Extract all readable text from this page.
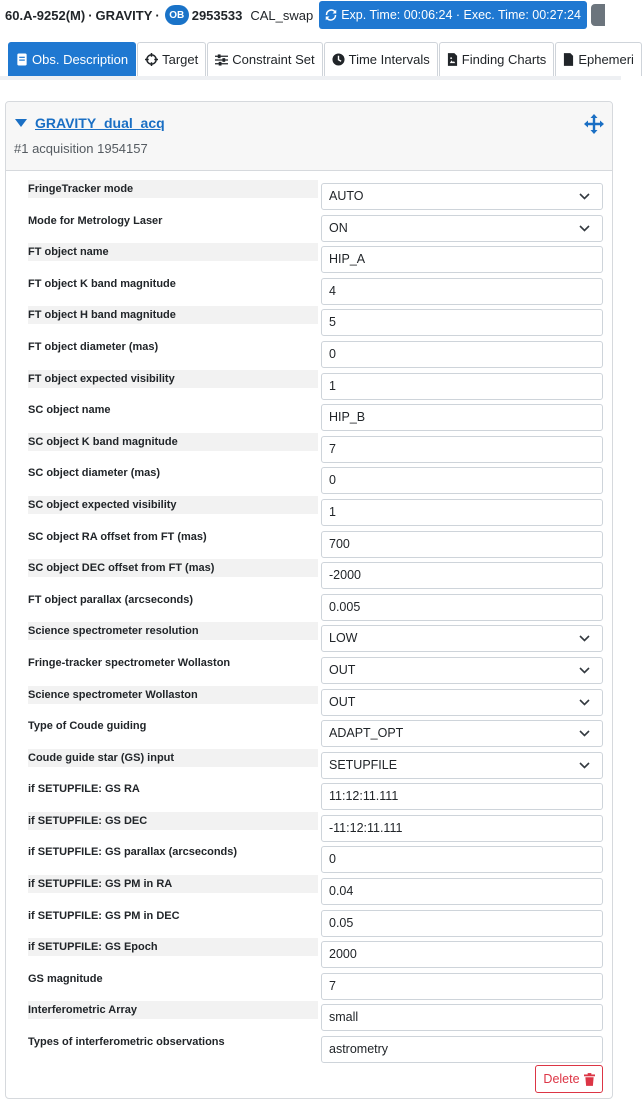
60.A-9252(M) · GRAVITY · OB 2953533 CAL_swap Exp. Time: 00:06:24 · Exec. Time: 00:27:24
Obs. Description	Target	Constraint Set	Time Intervals Finding Charts Ephemeri
GRAVITY_dual_acq
#1 acquisition 1954157
FringeTracker mode	AUTO
Mode for Metrology Laser	ON
FT object name	HIP_A
FT object K band magnitude	4
FT object H band magnitude	5
FT object diameter (mas)	0
FT object expected visibility	1
SC object name	HIP_B
SC object K band magnitude	7
SC object diameter (mas)	0
SC object expected visibility	1
SC object RA offset from FT (mas)	700
SC object DEC offset from FT (mas)	-2000
FT object parallax (arcseconds)	0.005
Science spectrometer resolution	LOW
Fringe-tracker spectrometer Wollaston	OUT
Science spectrometer Wollaston	OUT
Type of Coude guiding	ADAPT_OPT
Coude guide star (GS) input	SETUPFILE
if SETUPFILE: GS RA	11:12:11.111
if SETUPFILE: GS DEC	-11:12:11.111
if SETUPFILE: GS parallax (arcseconds)	0
if SETUPFILE: GS PM in RA	0.04
if SETUPFILE: GS PM in DEC	0.05
if SETUPFILE: GS Epoch	2000
GS magnitude	7
Interferometric Array	small
Types of interferometric observations	astrometry
Delete
